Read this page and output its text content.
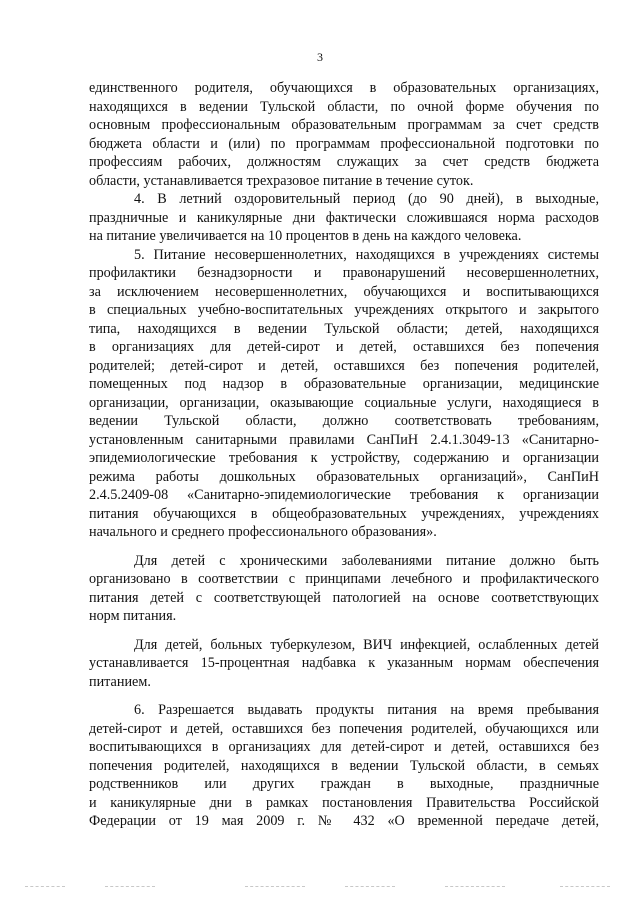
3
единственного родителя, обучающихся в образовательных организациях,
находящихся в ведении Тульской области, по очной форме обучения по
основным профессиональным образовательным программам за счет средств
бюджета области и (или) по программам профессиональной подготовки по
профессиям рабочих, должностям служащих за счет средств бюджета
области, устанавливается трехразовое питание в течение суток.
4. В летний оздоровительный период (до 90 дней), в выходные,
праздничные и каникулярные дни фактически сложившаяся норма расходов
на питание увеличивается на 10 процентов в день на каждого человека.
5. Питание несовершеннолетних, находящихся в учреждениях системы
профилактики безнадзорности и правонарушений несовершеннолетних,
за исключением несовершеннолетних, обучающихся и воспитывающихся
в специальных учебно-воспитательных учреждениях открытого и закрытого
типа, находящихся в ведении Тульской области; детей, находящихся
в организациях для детей-сирот и детей, оставшихся без попечения
родителей; детей-сирот и детей, оставшихся без попечения родителей,
помещенных под надзор в образовательные организации, медицинские
организации, организации, оказывающие социальные услуги, находящиеся в
ведении Тульской области, должно соответствовать требованиям,
установленным санитарными правилами СанПиН 2.4.1.3049-13 «Санитарно-
эпидемиологические требования к устройству, содержанию и организации
режима работы дошкольных образовательных организаций», СанПиН
2.4.5.2409-08 «Санитарно-эпидемиологические требования к организации
питания обучающихся в общеобразовательных учреждениях, учреждениях
начального и среднего профессионального образования».
Для детей с хроническими заболеваниями питание должно быть
организовано в соответствии с принципами лечебного и профилактического
питания детей с соответствующей патологией на основе соответствующих
норм питания.
Для детей, больных туберкулезом, ВИЧ инфекцией, ослабленных детей
устанавливается 15-процентная надбавка к указанным нормам обеспечения
питанием.
6. Разрешается выдавать продукты питания на время пребывания
детей-сирот и детей, оставшихся без попечения родителей, обучающихся или
воспитывающихся в организациях для детей-сирот и детей, оставшихся без
попечения родителей, находящихся в ведении Тульской области, в семьях
родственников или других граждан в выходные, праздничные
и каникулярные дни в рамках постановления Правительства Российской
Федерации от 19 мая 2009 г. № 432 «О временной передаче детей,
